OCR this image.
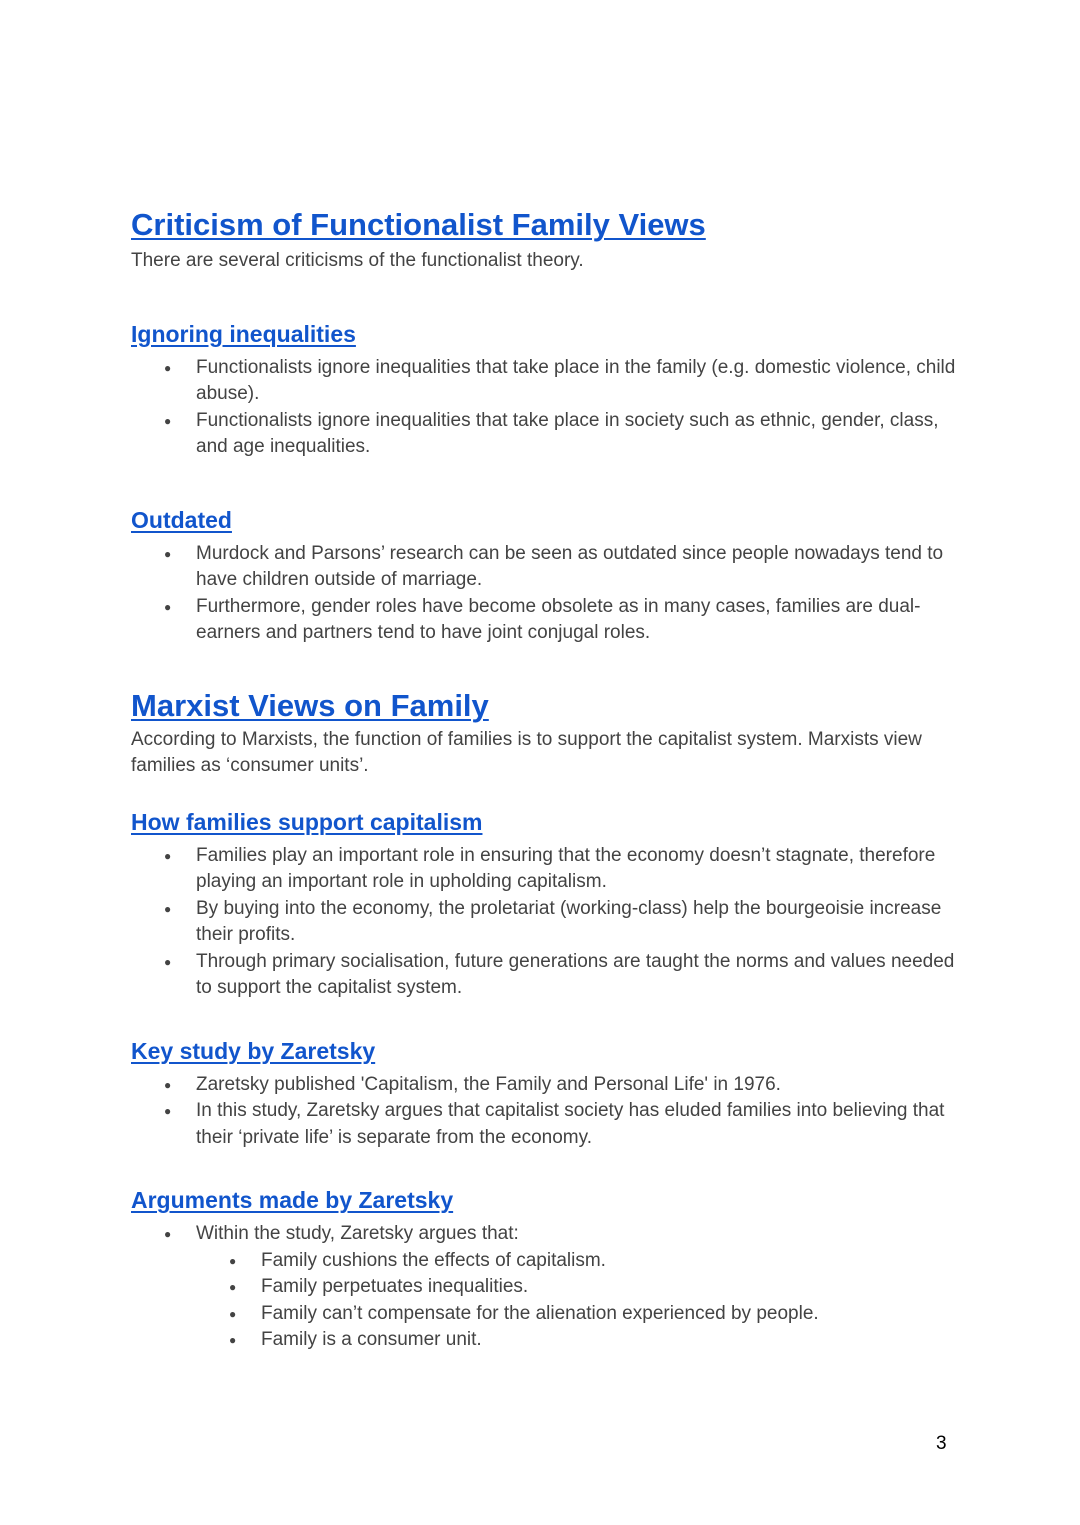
Criticism of Functionalist Family Views

There are several criticisms of the functionalist theory.

Ignoring inequalities
● Functionalists ignore inequalities that take place in the family (e.g. domestic violence, child abuse).
● Functionalists ignore inequalities that take place in society such as ethnic, gender, class, and age inequalities.
Outdated
● Murdock and Parsons’ research can be seen as outdated since people nowadays tend to have children outside of marriage.
● Furthermore, gender roles have become obsolete as in many cases, families are dual-earners and partners tend to have joint conjugal roles.
Marxist Views on Family

According to Marxists, the function of families is to support the capitalist system. Marxists view families as ‘consumer units’.

How families support capitalism
● Families play an important role in ensuring that the economy doesn’t stagnate, therefore playing an important role in upholding capitalism.
● By buying into the economy, the proletariat (working-class) help the bourgeoisie increase their profits.
● Through primary socialisation, future generations are taught the norms and values needed to support the capitalist system.
Key study by Zaretsky
● Zaretsky published 'Capitalism, the Family and Personal Life' in 1976.
● In this study, Zaretsky argues that capitalist society has eluded families into believing that their ‘private life’ is separate from the economy.
Arguments made by Zaretsky
● Within the study, Zaretsky argues that:
● Family cushions the effects of capitalism.
● Family perpetuates inequalities.
● Family can’t compensate for the alienation experienced by people.
● Family is a consumer unit.
3
